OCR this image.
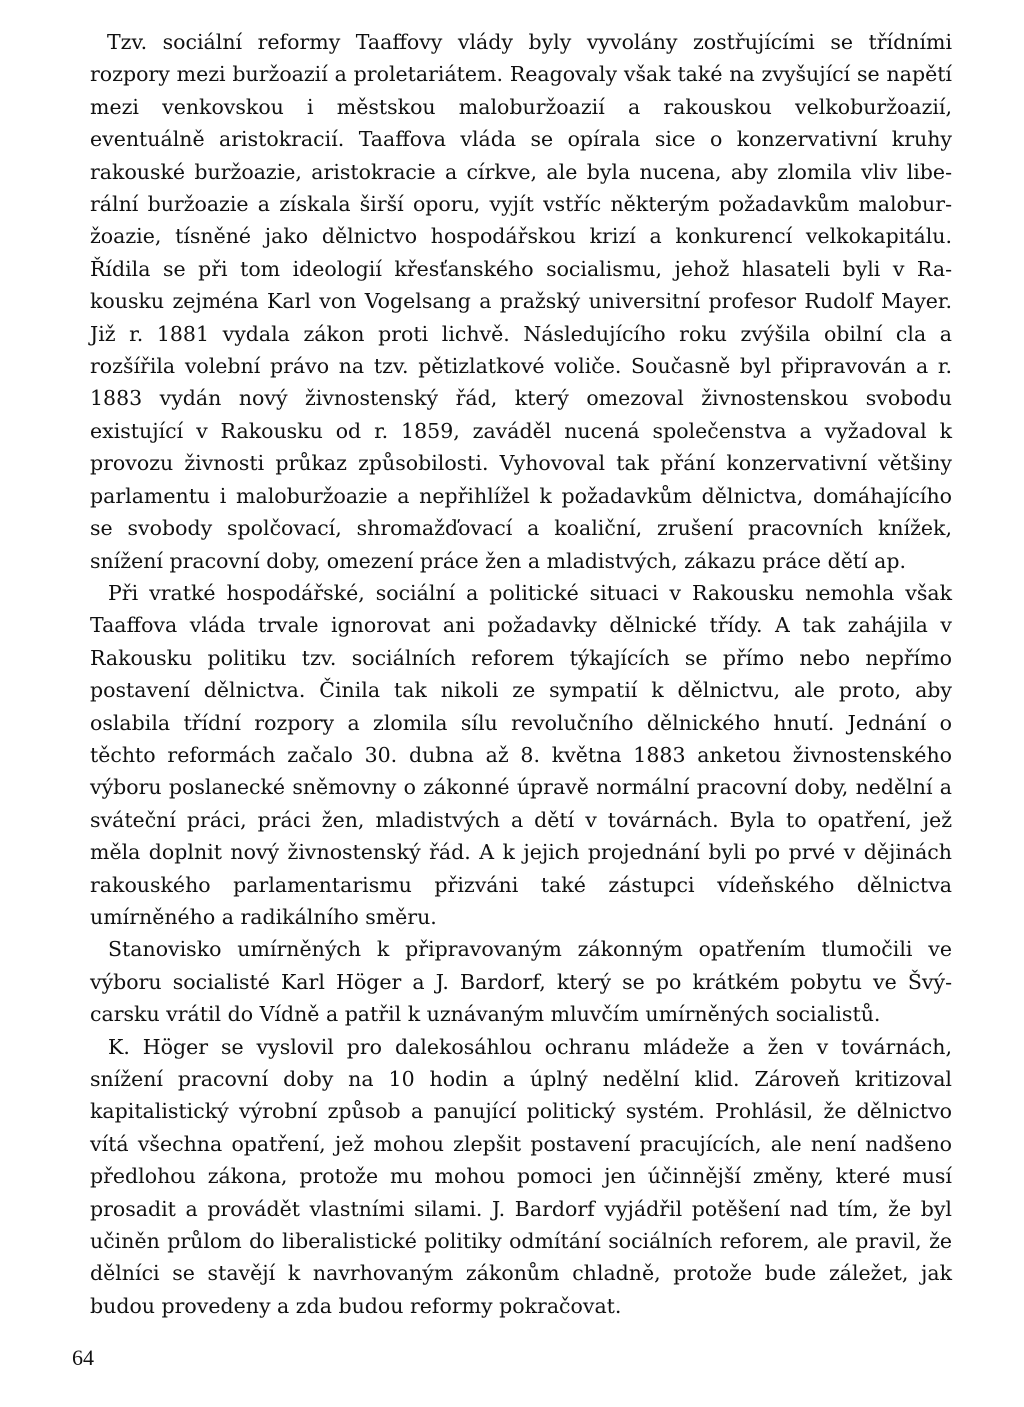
Tzv. sociální reformy Taaffovy vlády byly vyvolány zostřujícími se třídními rozpory mezi buržoazií a proletariátem. Reagovaly však také na zvyšující se napětí mezi venkovskou i městskou maloburžoazií a rakouskou velkoburžoazií, eventuálně aristokracií. Taaffova vláda se opírala sice o konzervativní kruhy rakouské buržoazie, aristokracie a církve, ale byla nucena, aby zlomila vliv liberální buržoazie a získala širší oporu, vyjít vstříc některým požadavkům maloburžoazie, tísněné jako dělnictvo hospodářskou krizí a konkurencí velkokapitálu. Řídila se při tom ideologií křesťanského socialismu, jehož hlasateli byli v Rakousku zejména Karl von Vogelsang a pražský universitní profesor Rudolf Mayer. Již r. 1881 vydala zákon proti lichvě. Následujícího roku zvýšila obilní cla a rozšířila volební právo na tzv. pětizlatkové voliče. Současně byl připravován a r. 1883 vydán nový živnostenský řád, který omezoval živnostenskou svobodu existující v Rakousku od r. 1859, zaváděl nucená společenstva a vyžadoval k provozu živnosti průkaz způsobilosti. Vyhovoval tak přání konzervativní většiny parlamentu i maloburžoazie a nepřihlížel k požadavkům dělnictva, domáhajícího se svobody spolčovací, shromažďovací a koaliční, zrušení pracovních knížek, snížení pracovní doby, omezení práce žen a mladistvých, zákazu práce dětí ap.

Při vratké hospodářské, sociální a politické situaci v Rakousku nemohla však Taaffova vláda trvale ignorovat ani požadavky dělnické třídy. A tak zahájila v Rakousku politiku tzv. sociálních reforem týkajících se přímo nebo nepřímo postavení dělnictva. Činila tak nikoli ze sympatií k dělnictvu, ale proto, aby oslabila třídní rozpory a zlomila sílu revolučního dělnického hnutí. Jednání o těchto reformách začalo 30. dubna až 8. května 1883 anketou živnostenského výboru poslanecké sněmovny o zákonné úpravě normální pracovní doby, nedělní a sváteční práci, práci žen, mladistvých a dětí v továrnách. Byla to opatření, jež měla doplnit nový živnostenský řád. A k jejich projednání byli po prvé v dějinách rakouského parlamentarismu přizváni také zástupci vídeňského dělnictva umírněného a radikálního směru.

Stanovisko umírněných k připravovaným zákonným opatřením tlumočili ve výboru socialisté Karl Höger a J. Bardorf, který se po krátkém pobytu ve Švýcarsku vrátil do Vídně a patřil k uznávaným mluvčím umírněných socialistů.

K. Höger se vyslovil pro dalekosáhlou ochranu mládeže a žen v továrnách, snížení pracovní doby na 10 hodin a úplný nedělní klid. Zároveň kritizoval kapitalistický výrobní způsob a panující politický systém. Prohlásil, že dělnictvo vítá všechna opatření, jež mohou zlepšit postavení pracujících, ale není nadšeno předlohou zákona, protože mu mohou pomoci jen účinnější změny, které musí prosadit a provádět vlastními silami. J. Bardorf vyjádřil potěšení nad tím, že byl učiněn průlom do liberalistické politiky odmítání sociálních reforem, ale pravil, že dělníci se stavějí k navrhovaným zákonům chladně, protože bude záležet, jak budou provedeny a zda budou reformy pokračovat.

64
